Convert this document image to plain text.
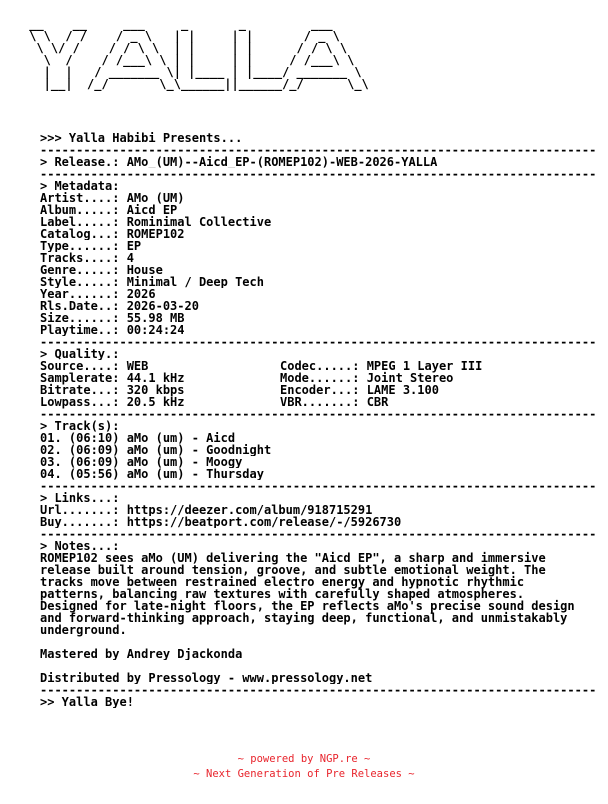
__    __     ___     _       _         ___
\ \  / /    / _ \   | |     | |       / _ \
\ \/ /    / / \ \  | |     | |      / / \ \
\  /    / /___\ \ | |     | |     / /___\ \
|  |   / _______ \| |____ | |____/ _______ \
|__|  /_/       \_\______||______/_/      \_\

>>> Yalla Habibi Presents...
-----------------------------------------------------------------------------
> Release.: AMo_(UM)--Aicd_EP-(ROMEP102)-WEB-2026-YALLA
-----------------------------------------------------------------------------
> Metadata:
Artist....: AMo (UM)
Album.....: Aicd EP
Label.....: Rominimal Collective
Catalog...: ROMEP102
Type......: EP
Tracks....: 4
Genre.....: House
Style.....: Minimal / Deep Tech
Year......: 2026
Rls.Date..: 2026-03-20
Size......: 55.98 MB
Playtime..: 00:24:24
-----------------------------------------------------------------------------
> Quality.:
Source....: WEB	Codec.....: MPEG 1 Layer III
Samplerate: 44.1 kHz	Mode......: Joint Stereo
Bitrate...: 320 kbps	Encoder...: LAME 3.100
Lowpass...: 20.5 kHz	VBR.......: CBR
-----------------------------------------------------------------------------
> Track(s):
01. (06:10) aMo (um) - Aicd
02. (06:09) aMo (um) - Goodnight
03. (06:09) aMo (um) - Moogy
04. (05:56) aMo (um) - Thursday
-----------------------------------------------------------------------------
> Links...:
Url.......: https://deezer.com/album/918715291
Buy.......: https://beatport.com/release/-/5926730
-----------------------------------------------------------------------------
> Notes...:
ROMEP102 sees aMo (UM) delivering the "Aicd EP", a sharp and immersive release built around tension, groove, and subtle emotional weight. The tracks move between restrained electro energy and hypnotic rhythmic patterns, balancing raw textures with carefully shaped atmospheres. Designed for late-night floors, the EP reflects aMo's precise sound design and forward-thinking approach, staying deep, functional, and unmistakably underground.
Mastered by Andrey Djackonda
Distributed by Pressology - www.pressology.net
-----------------------------------------------------------------------------
>> Yalla Bye!
~ powered by NGP.re ~
~ Next Generation of Pre Releases ~
